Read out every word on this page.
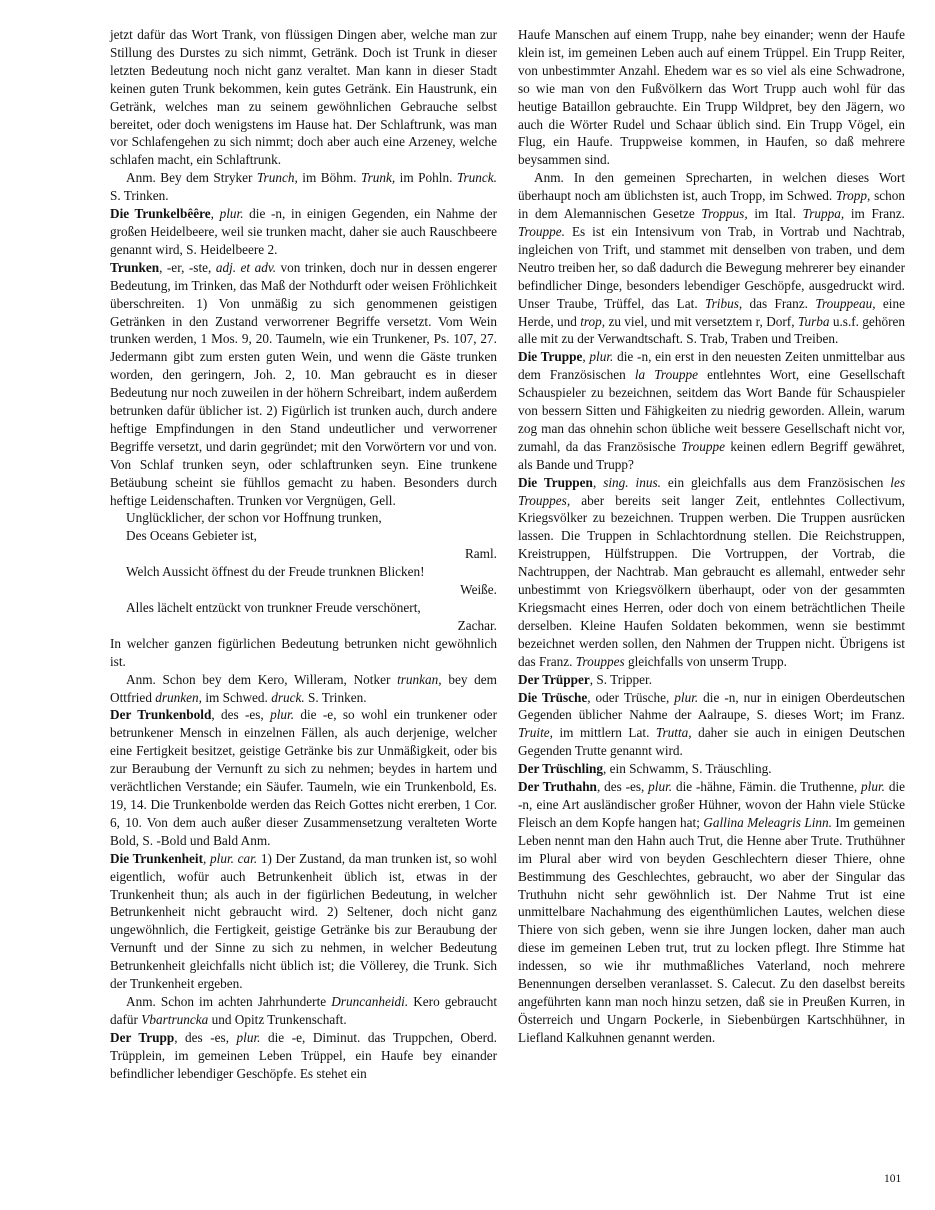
jetzt dafür das Wort Trank, von flüssigen Dingen aber, welche man zur Stillung des Durstes zu sich nimmt, Getränk. Doch ist Trunk in dieser letzten Bedeutung noch nicht ganz veraltet. Man kann in dieser Stadt keinen guten Trunk bekommen, kein gutes Getränk. Ein Haustrunk, ein Getränk, welches man zu seinem gewöhnlichen Gebrauche selbst bereitet, oder doch wenigstens im Hause hat. Der Schlaftrunk, was man vor Schlafengehen zu sich nimmt; doch aber auch eine Arzeney, welche schlafen macht, ein Schlaftrunk.

Anm. Bey dem Stryker Trunch, im Böhm. Trunk, im Pohln. Trunck. S. Trinken.

Die Trunkelbêêre, plur. die -n, in einigen Gegenden, ein Nahme der großen Heidelbeere, weil sie trunken macht, daher sie auch Rauschbeere genannt wird, S. Heidelbeere 2.

Trunken, -er, -ste, adj. et adv. von trinken, doch nur in dessen engerer Bedeutung, im Trinken, das Maß der Nothdurft oder weisen Fröhlichkeit überschreiten. 1) Von unmäßig zu sich genommenen geistigen Getränken in den Zustand verworrener Begriffe versetzt. Vom Wein trunken werden, 1 Mos. 9, 20. Taumeln, wie ein Trunkener, Ps. 107, 27. Jedermann gibt zum ersten guten Wein, und wenn die Gäste trunken worden, den geringern, Joh. 2, 10. Man gebraucht es in dieser Bedeutung nur noch zuweilen in der höhern Schreibart, indem außerdem betrunken dafür üblicher ist. 2) Figürlich ist trunken auch, durch andere heftige Empfindungen in den Stand undeutlicher und verworrener Begriffe versetzt, und darin gegründet; mit den Vorwörtern vor und von. Von Schlaf trunken seyn, oder schlaftrunken seyn. Eine trunkene Betäubung scheint sie fühllos gemacht zu haben. Besonders durch heftige Leidenschaften. Trunken vor Vergnügen, Gell.

Unglücklicher, der schon vor Hoffnung trunken,

Des Oceans Gebieter ist,

Raml.

Welch Aussicht öffnest du der Freude trunknen Blicken!

Weiße.

Alles lächelt entzückt von trunkner Freude verschönert,

Zachar.

In welcher ganzen figürlichen Bedeutung betrunken nicht gewöhnlich ist.

Anm. Schon bey dem Kero, Willeram, Notker trunkan, bey dem Ottfried drunken, im Schwed. druck. S. Trinken.

Der Trunkenbold, des -es, plur. die -e, so wohl ein trunkener oder betrunkener Mensch in einzelnen Fällen, als auch derjenige, welcher eine Fertigkeit besitzet, geistige Getränke bis zur Unmäßigkeit, oder bis zur Beraubung der Vernunft zu sich zu nehmen; beydes in hartem und verächtlichen Verstande; ein Säufer. Taumeln, wie ein Trunkenbold, Es. 19, 14. Die Trunkenbolde werden das Reich Gottes nicht ererben, 1 Cor. 6, 10. Von dem auch außer dieser Zusammensetzung veralteten Worte Bold, S. -Bold und Bald Anm.

Die Trunkenheit, plur. car. 1) Der Zustand, da man trunken ist, so wohl eigentlich, wofür auch Betrunkenheit üblich ist, etwas in der Trunkenheit thun; als auch in der figürlichen Bedeutung, in welcher Betrunkenheit nicht gebraucht wird. 2) Seltener, doch nicht ganz ungewöhnlich, die Fertigkeit, geistige Getränke bis zur Beraubung der Vernunft und der Sinne zu sich zu nehmen, in welcher Bedeutung Betrunkenheit gleichfalls nicht üblich ist; die Völlerey, die Trunk. Sich der Trunkenheit ergeben.

Anm. Schon im achten Jahrhunderte Druncanheidi. Kero gebraucht dafür Vbartruncka und Opitz Trunkenschaft.

Der Trupp, des -es, plur. die -e, Diminut. das Truppchen, Oberd. Trüpplein, im gemeinen Leben Trüppel, ein Haufe bey einander befindlicher lebendiger Geschöpfe. Es stehet ein

Haufe Manschen auf einem Trupp, nahe bey einander; wenn der Haufe klein ist, im gemeinen Leben auch auf einem Trüppel. Ein Trupp Reiter, von unbestimmter Anzahl. Ehedem war es so viel als eine Schwadrone, so wie man von den Fußvölkern das Wort Trupp auch wohl für das heutige Bataillon gebrauchte. Ein Trupp Wildpret, bey den Jägern, wo auch die Wörter Rudel und Schaar üblich sind. Ein Trupp Vögel, ein Flug, ein Haufe. Truppweise kommen, in Haufen, so daß mehrere beysammen sind.

Anm. In den gemeinen Sprecharten, in welchen dieses Wort überhaupt noch am üblichsten ist, auch Tropp, im Schwed. Tropp, schon in dem Alemannischen Gesetze Troppus, im Ital. Truppa, im Franz. Trouppe. Es ist ein Intensivum von Trab, in Vortrab und Nachtrab, ingleichen von Trift, und stammet mit denselben von traben, und dem Neutro treiben her, so daß dadurch die Bewegung mehrerer bey einander befindlicher Dinge, besonders lebendiger Geschöpfe, ausgedruckt wird. Unser Traube, Trüffel, das Lat. Tribus, das Franz. Trouppeau, eine Herde, und trop, zu viel, und mit versetztem r, Dorf, Turba u.s.f. gehören alle mit zu der Verwandtschaft. S. Trab, Traben und Treiben.

Die Truppe, plur. die -n, ein erst in den neuesten Zeiten unmittelbar aus dem Französischen la Trouppe entlehntes Wort, eine Gesellschaft Schauspieler zu bezeichnen, seitdem das Wort Bande für Schauspieler von bessern Sitten und Fähigkeiten zu niedrig geworden. Allein, warum zog man das ohnehin schon übliche weit bessere Gesellschaft nicht vor, zumahl, da das Französische Trouppe keinen edlern Begriff gewähret, als Bande und Trupp?

Die Truppen, sing. inus. ein gleichfalls aus dem Französischen les Trouppes, aber bereits seit langer Zeit, entlehntes Collectivum, Kriegsvölker zu bezeichnen. Truppen werben. Die Truppen ausrücken lassen. Die Truppen in Schlachtordnung stellen. Die Reichstruppen, Kreistruppen, Hülfstruppen. Die Vortruppen, der Vortrab, die Nachtruppen, der Nachtrab. Man gebraucht es allemahl, entweder sehr unbestimmt von Kriegsvölkern überhaupt, oder von der gesammten Kriegsmacht eines Herren, oder doch von einem beträchtlichen Theile derselben. Kleine Haufen Soldaten bekommen, wenn sie bestimmt bezeichnet werden sollen, den Nahmen der Truppen nicht. Übrigens ist das Franz. Trouppes gleichfalls von unserm Trupp.

Der Trüpper, S. Tripper.

Die Trüsche, oder Trüsche, plur. die -n, nur in einigen Oberdeutschen Gegenden üblicher Nahme der Aalraupe, S. dieses Wort; im Franz. Truite, im mittlern Lat. Trutta, daher sie auch in einigen Deutschen Gegenden Trutte genannt wird.

Der Trüschling, ein Schwamm, S. Träuschling.

Der Truthahn, des -es, plur. die -hähne, Fämin. die Truthenne, plur. die -n, eine Art ausländischer großer Hühner, wovon der Hahn viele Stücke Fleisch an dem Kopfe hangen hat; Gallina Meleagris Linn. Im gemeinen Leben nennt man den Hahn auch Trut, die Henne aber Trute. Truthühner im Plural aber wird von beyden Geschlechtern dieser Thiere, ohne Bestimmung des Geschlechtes, gebraucht, wo aber der Singular das Truthuhn nicht sehr gewöhnlich ist. Der Nahme Trut ist eine unmittelbare Nachahmung des eigenthümlichen Lautes, welchen diese Thiere von sich geben, wenn sie ihre Jungen locken, daher man auch diese im gemeinen Leben trut, trut zu locken pflegt. Ihre Stimme hat indessen, so wie ihr muthmaßliches Vaterland, noch mehrere Benennungen derselben veranlasset. S. Calecut. Zu den daselbst bereits angeführten kann man noch hinzu setzen, daß sie in Preußen Kurren, in Österreich und Ungarn Pockerle, in Siebenbürgen Kartschhühner, in Liefland Kalkuhnen genannt werden.

101
